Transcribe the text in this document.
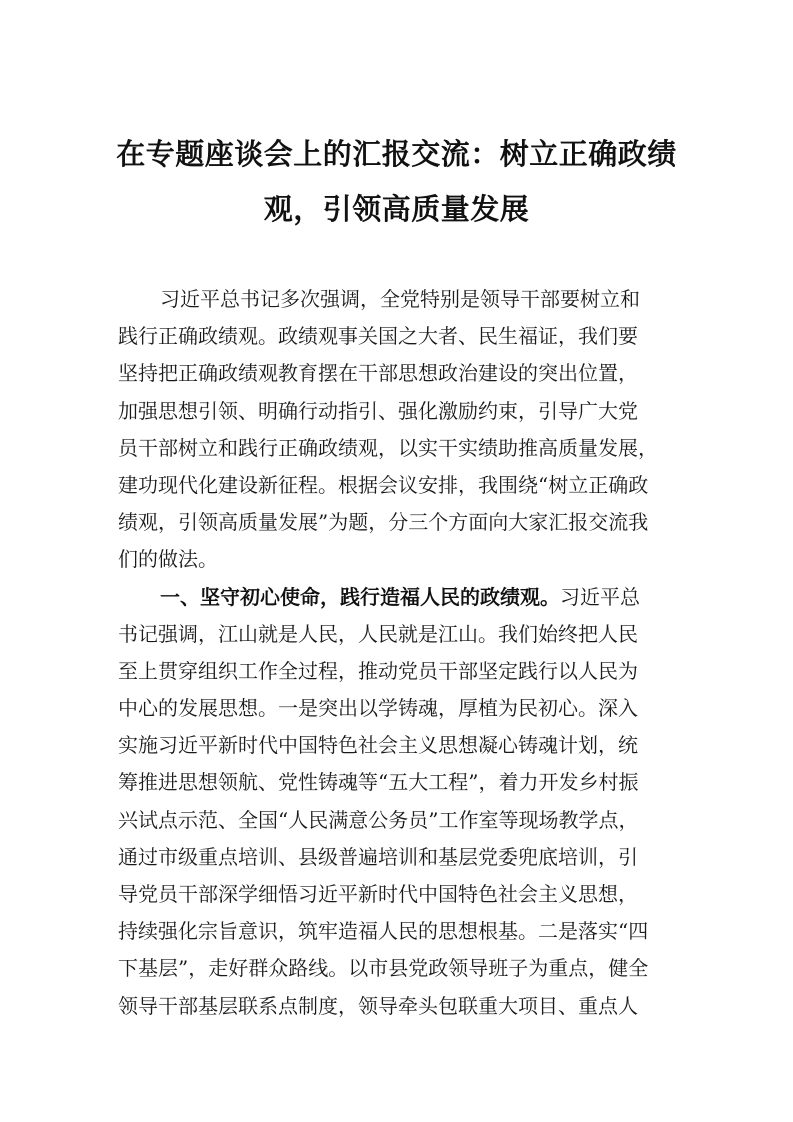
在专题座谈会上的汇报交流：树立正确政绩
观，引领高质量发展
习近平总书记多次强调，全党特别是领导干部要树立和
践行正确政绩观。政绩观事关国之大者、民生福证，我们要
坚持把正确政绩观教育摆在干部思想政治建设的突出位置，
加强思想引领、明确行动指引、强化激励约束，引导广大党
员干部树立和践行正确政绩观，以实干实绩助推高质量发展，
建功现代化建设新征程。根据会议安排，我围绕“树立正确政
绩观，引领高质量发展”为题，分三个方面向大家汇报交流我
们的做法。
一、坚守初心使命，践行造福人民的政绩观。习近平总
书记强调，江山就是人民，人民就是江山。我们始终把人民
至上贯穿组织工作全过程，推动党员干部坚定践行以人民为
中心的发展思想。一是突出以学铸魂，厚植为民初心。深入
实施习近平新时代中国特色社会主义思想凝心铸魂计划，统
筹推进思想领航、党性铸魂等“五大工程”，着力开发乡村振
兴试点示范、全国“人民满意公务员”工作室等现场教学点，
通过市级重点培训、县级普遍培训和基层党委兜底培训，引
导党员干部深学细悟习近平新时代中国特色社会主义思想，
持续强化宗旨意识，筑牢造福人民的思想根基。二是落实“四
下基层”，走好群众路线。以市县党政领导班子为重点，健全
领导干部基层联系点制度，领导牵头包联重大项目、重点人
